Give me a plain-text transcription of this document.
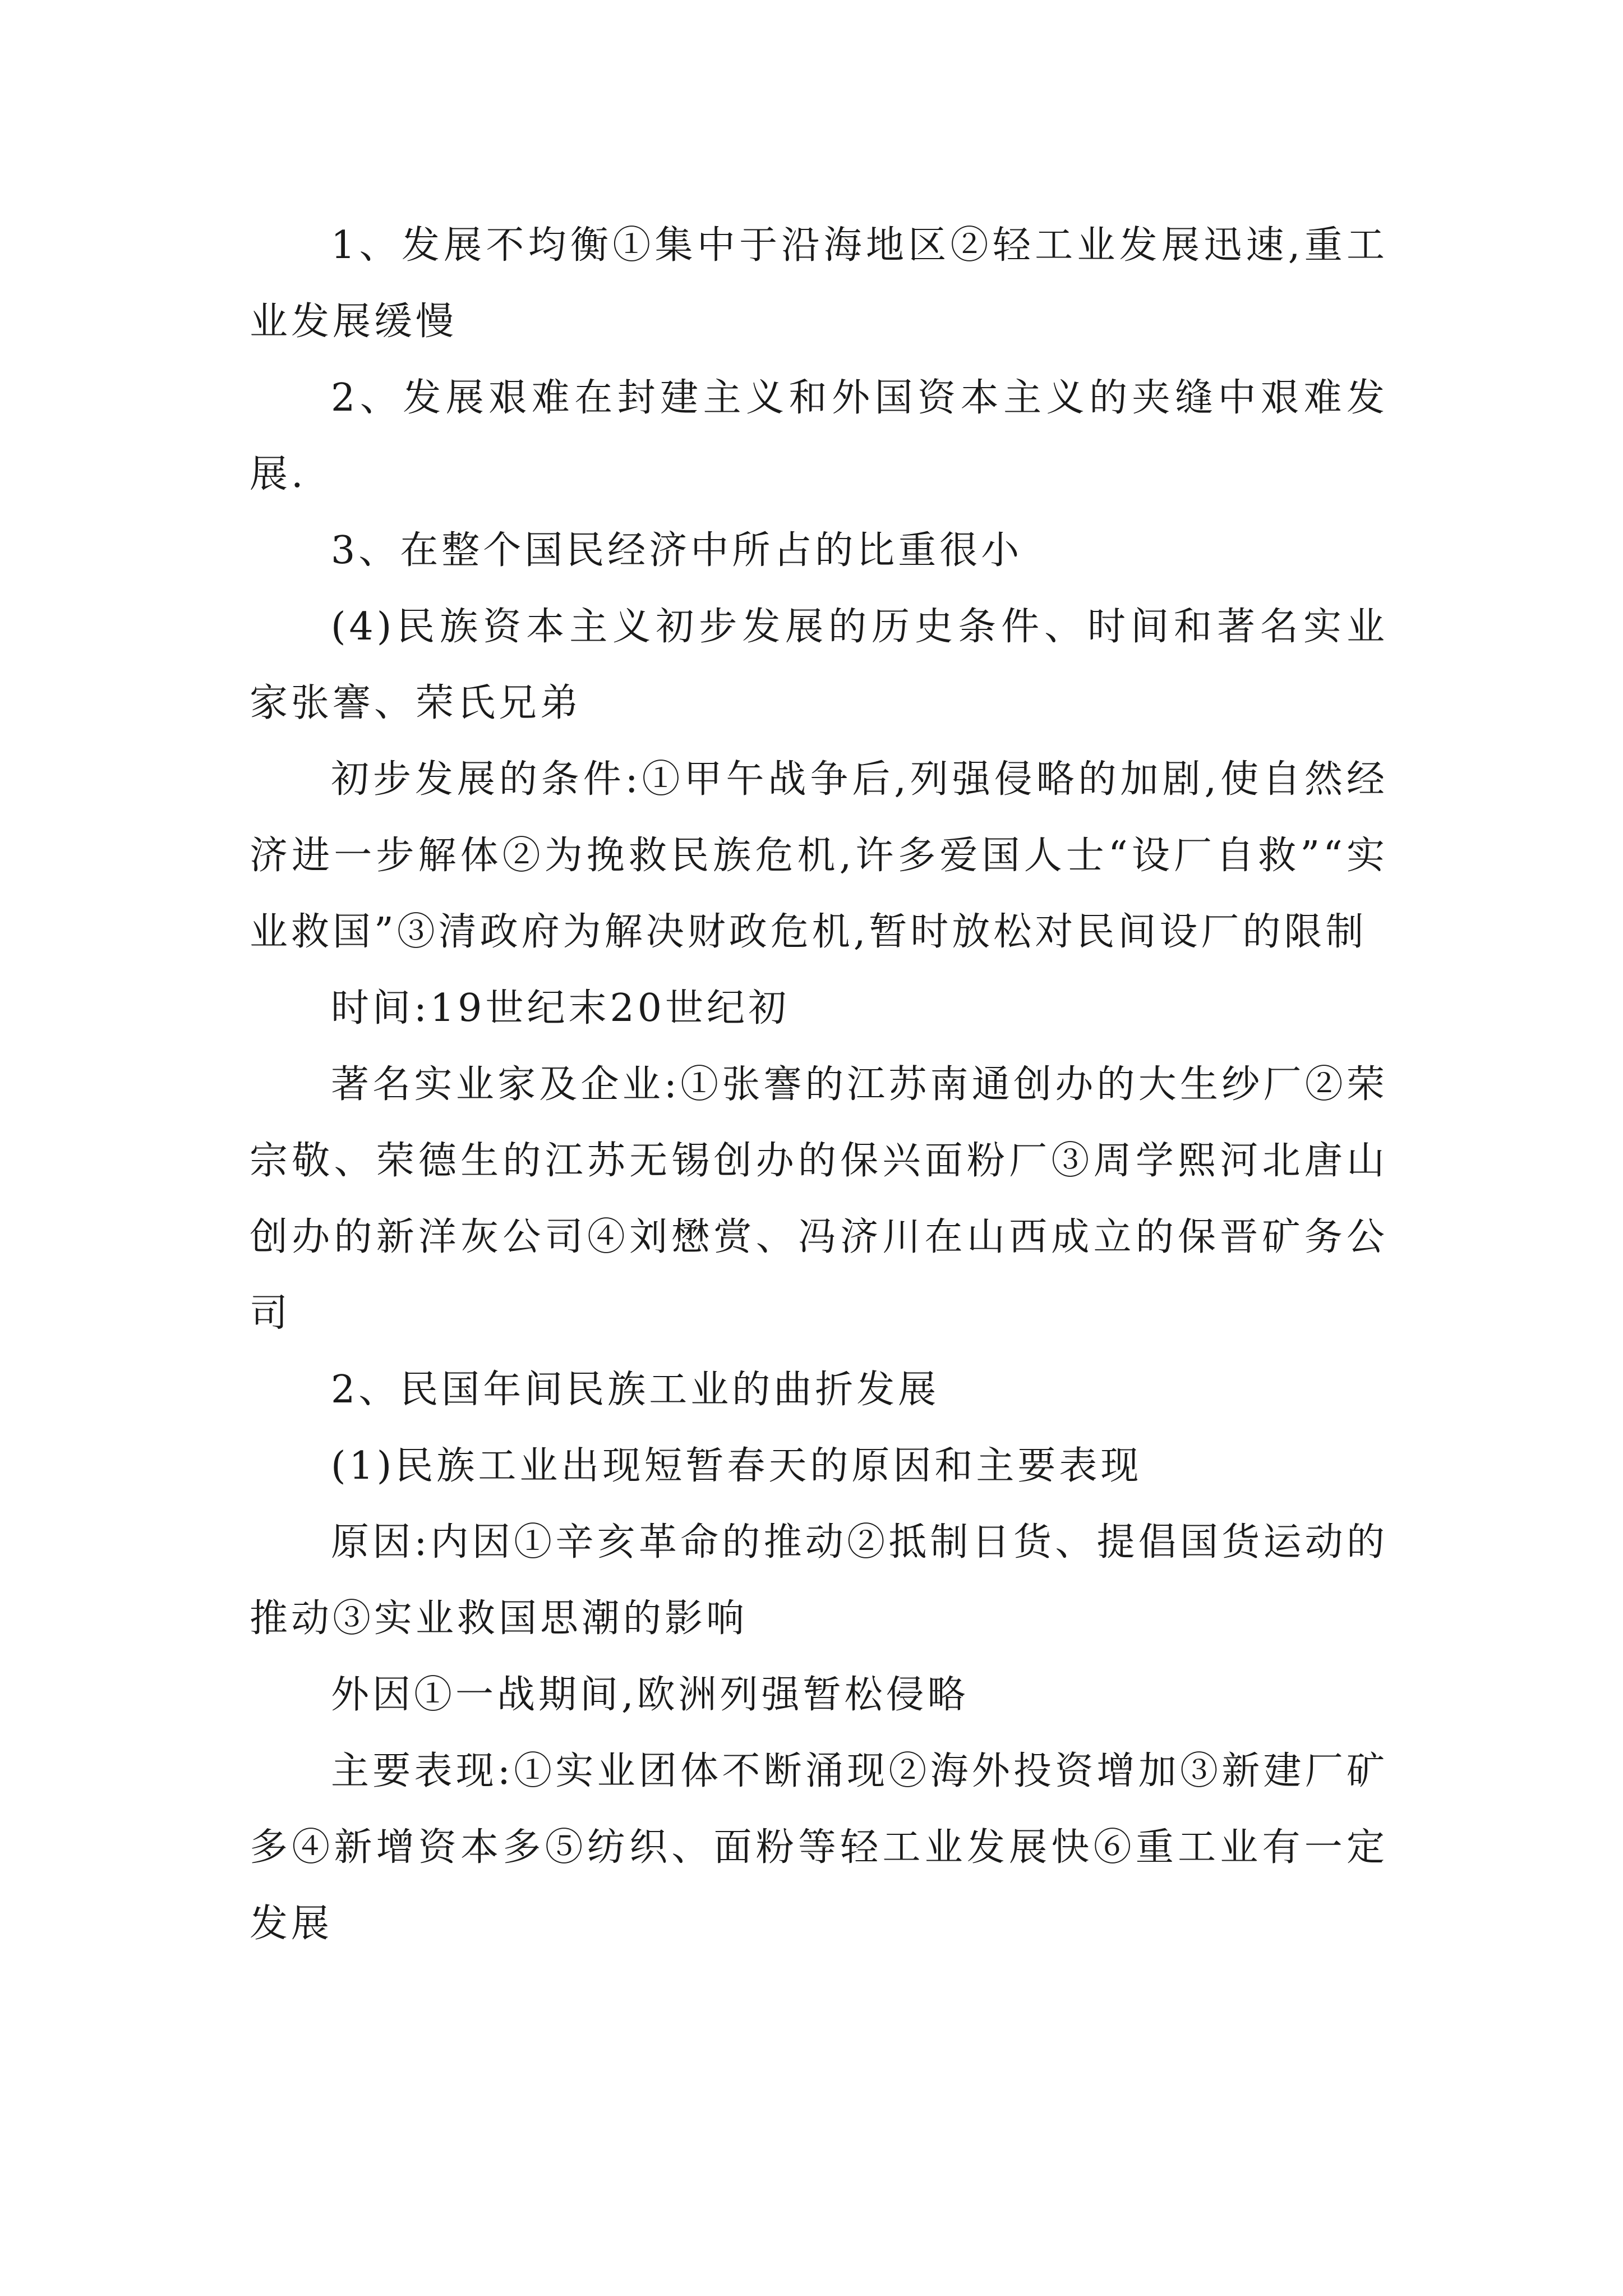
1、发展不均衡①集中于沿海地区②轻工业发展迅速,重工业发展缓慢

2、发展艰难在封建主义和外国资本主义的夹缝中艰难发展.

3、在整个国民经济中所占的比重很小

(4)民族资本主义初步发展的历史条件、时间和著名实业家张謇、荣氏兄弟

初步发展的条件:①甲午战争后,列强侵略的加剧,使自然经济进一步解体②为挽救民族危机,许多爱国人士“设厂自救”“实业救国”③清政府为解决财政危机,暂时放松对民间设厂的限制

时间:19世纪末20世纪初

著名实业家及企业:①张謇的江苏南通创办的大生纱厂②荣宗敬、荣德生的江苏无锡创办的保兴面粉厂③周学熙河北唐山创办的新洋灰公司④刘懋赏、冯济川在山西成立的保晋矿务公司

2、民国年间民族工业的曲折发展

(1)民族工业出现短暂春天的原因和主要表现

原因:内因①辛亥革命的推动②抵制日货、提倡国货运动的推动③实业救国思潮的影响

外因①一战期间,欧洲列强暂松侵略

主要表现:①实业团体不断涌现②海外投资增加③新建厂矿多④新增资本多⑤纺织、面粉等轻工业发展快⑥重工业有一定发展
